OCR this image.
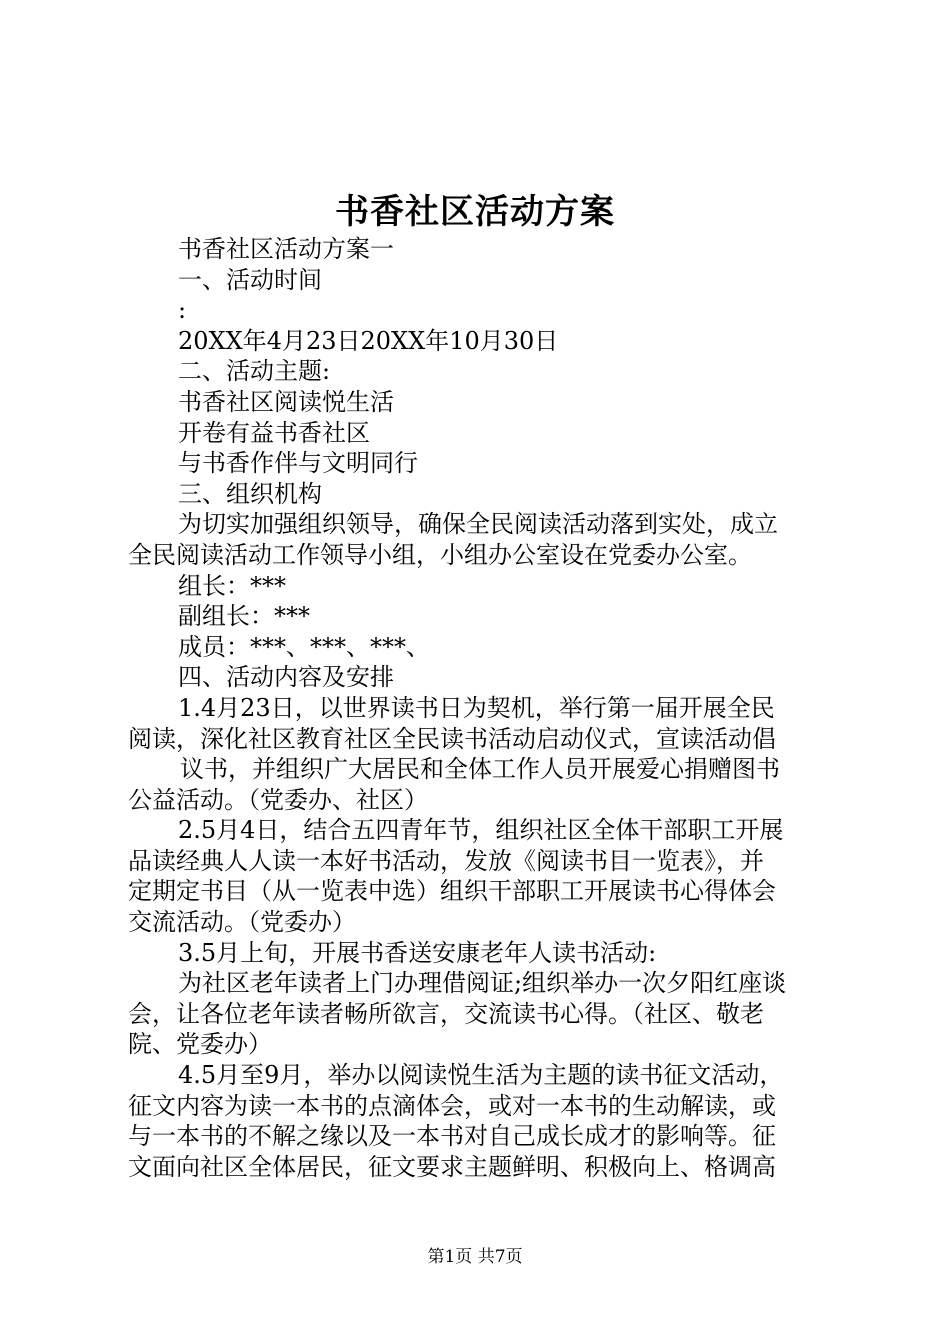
书香社区活动方案
书香社区活动方案一
一、活动时间
:
20XX年4月23日20XX年10月30日
二、活动主题:
书香社区阅读悦生活
开卷有益书香社区
与书香作伴与文明同行
三、组织机构
为切实加强组织领导，确保全民阅读活动落到实处，成立
全民阅读活动工作领导小组，小组办公室设在党委办公室。
组长：***
副组长：***
成员：***、***、***、
四、活动内容及安排
1.4月23日，以世界读书日为契机，举行第一届开展全民
阅读，深化社区教育社区全民读书活动启动仪式，宣读活动倡
议书，并组织广大居民和全体工作人员开展爱心捐赠图书
公益活动。（党委办、社区）
2.5月4日，结合五四青年节，组织社区全体干部职工开展
品读经典人人读一本好书活动，发放《阅读书目一览表》，并
定期定书目（从一览表中选）组织干部职工开展读书心得体会
交流活动。（党委办）
3.5月上旬，开展书香送安康老年人读书活动:
为社区老年读者上门办理借阅证;组织举办一次夕阳红座谈
会，让各位老年读者畅所欲言，交流读书心得。（社区、敬老
院、党委办）
4.5月至9月，举办以阅读悦生活为主题的读书征文活动，
征文内容为读一本书的点滴体会，或对一本书的生动解读，或
与一本书的不解之缘以及一本书对自己成长成才的影响等。征
文面向社区全体居民，征文要求主题鲜明、积极向上、格调高
第1页 共7页
